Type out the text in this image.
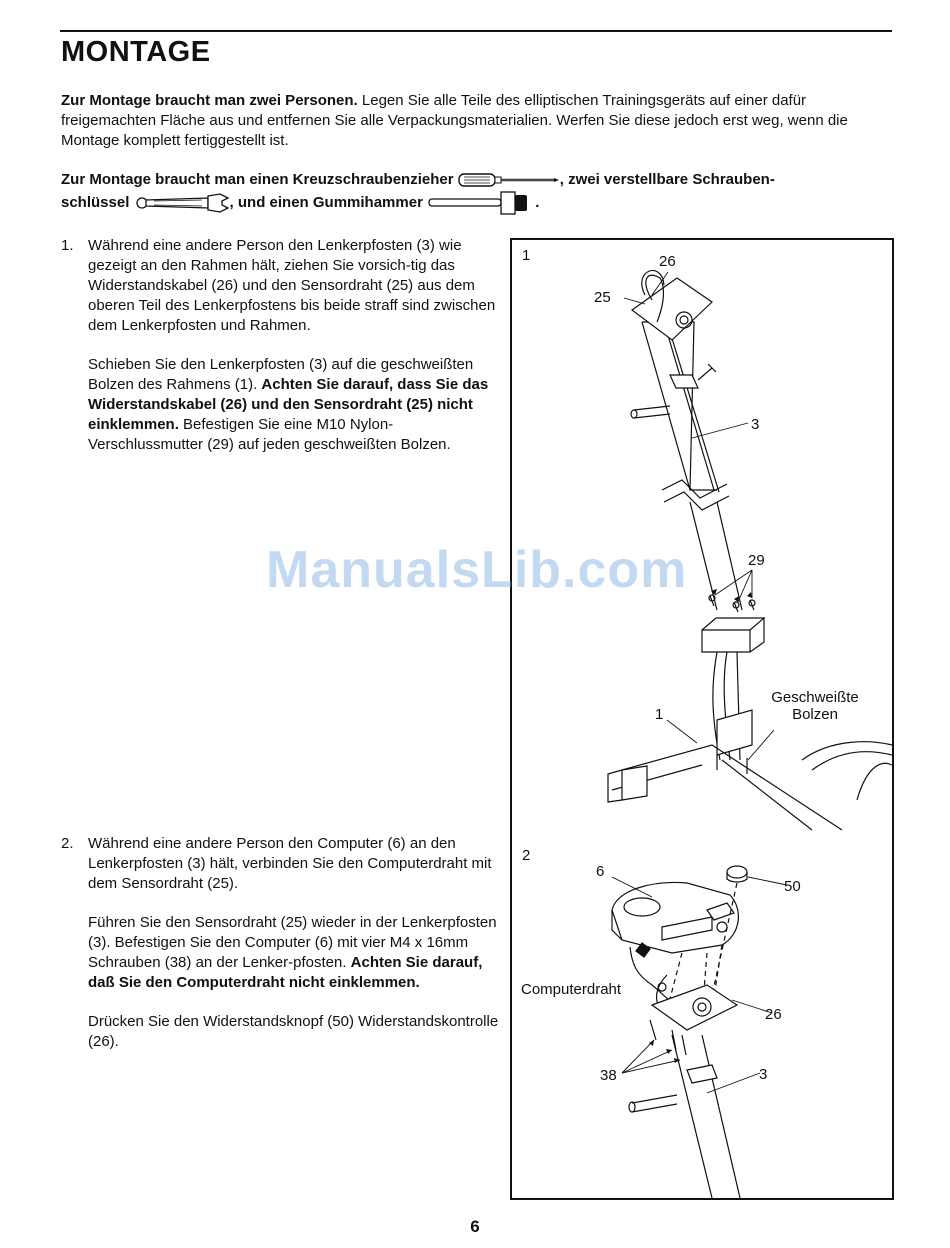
MONTAGE

Zur Montage braucht man zwei Personen. Legen Sie alle Teile des elliptischen Trainingsgeräts auf einer dafür freigemachten Fläche aus und entfernen Sie alle Verpackungsmaterialien. Werfen Sie diese jedoch erst weg, wenn die Montage komplett fertiggestellt ist.

Zur Montage braucht man einen Kreuzschraubenzieher	, zwei verstellbare Schrauben-
schlüssel	, und einen Gummihammer	.

1. Während eine andere Person den Lenkerpfosten (3) wie gezeigt an den Rahmen hält, ziehen Sie vorsich-tig das Widerstandskabel (26) und den Sensordraht (25) aus dem oberen Teil des Lenkerpfostens bis beide straff sind zwischen dem Lenkerpfosten und Rahmen.

Schieben Sie den Lenkerpfosten (3) auf die geschweißten Bolzen des Rahmens (1). Achten Sie darauf, dass Sie das Widerstandskabel (26) und den Sensordraht (25) nicht einklemmen. Befestigen Sie eine M10 Nylon-Verschlussmutter (29) auf jeden geschweißten Bolzen.

2. Während eine andere Person den Computer (6) an den Lenkerpfosten (3) hält, verbinden Sie den Computerdraht mit dem Sensordraht (25).

Führen Sie den Sensordraht (25) wieder in der Lenkerpfosten (3). Befestigen Sie den Computer (6) mit vier M4 x 16mm Schrauben (38) an der Lenker-pfosten. Achten Sie darauf, daß Sie den Computerdraht nicht einklemmen.

Drücken Sie den Widerstandsknopf (50) Widerstandskontrolle (26).

1	26
25
3
29
1
Geschweißte
Bolzen
2
6
50
Computerdraht
26
38	3
ManualsLib.com
6
